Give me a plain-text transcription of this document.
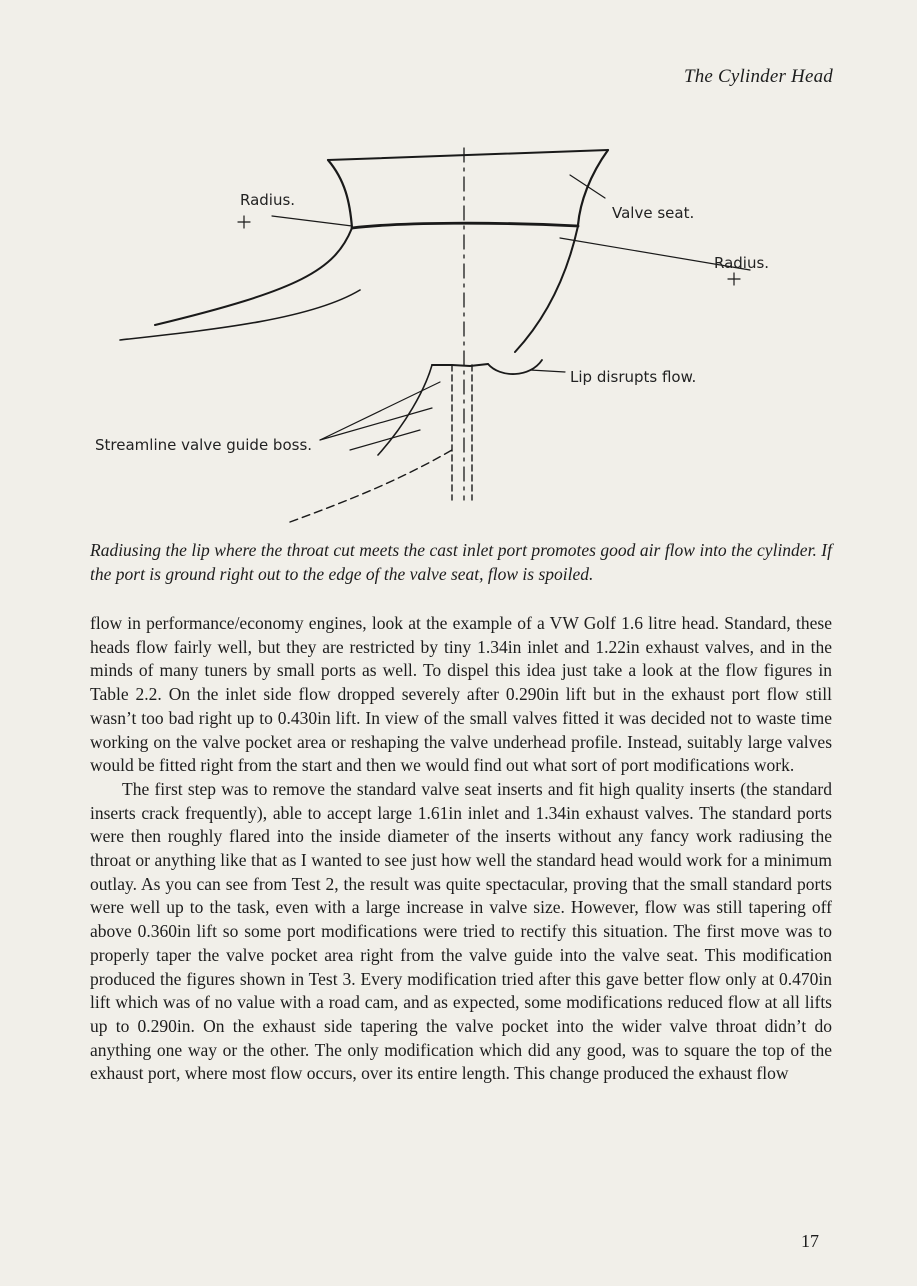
The Cylinder Head
Radius.
Valve seat.
Radius.
Lip disrupts flow.
Streamline valve guide boss.
Radiusing the lip where the throat cut meets the cast inlet port promotes good air flow into the cylinder. If the port is ground right out to the edge of the valve seat, flow is spoiled.

flow in performance/economy engines, look at the example of a VW Golf 1.6 litre head. Standard, these heads flow fairly well, but they are restricted by tiny 1.34in inlet and 1.22in exhaust valves, and in the minds of many tuners by small ports as well. To dispel this idea just take a look at the flow figures in Table 2.2. On the inlet side flow dropped severely after 0.290in lift but in the exhaust port flow still wasn’t too bad right up to 0.430in lift. In view of the small valves fitted it was decided not to waste time working on the valve pocket area or reshaping the valve underhead profile. Instead, suitably large valves would be fitted right from the start and then we would find out what sort of port modifications work.

The first step was to remove the standard valve seat inserts and fit high quality inserts (the standard inserts crack frequently), able to accept large 1.61in inlet and 1.34in exhaust valves. The standard ports were then roughly flared into the inside diameter of the inserts without any fancy work radiusing the throat or anything like that as I wanted to see just how well the standard head would work for a minimum outlay. As you can see from Test 2, the result was quite spectacular, proving that the small standard ports were well up to the task, even with a large increase in valve size. However, flow was still tapering off above 0.360in lift so some port modifications were tried to rectify this situation. The first move was to properly taper the valve pocket area right from the valve guide into the valve seat. This modification produced the figures shown in Test 3. Every modification tried after this gave better flow only at 0.470in lift which was of no value with a road cam, and as expected, some modifications reduced flow at all lifts up to 0.290in. On the exhaust side tapering the valve pocket into the wider valve throat didn’t do anything one way or the other. The only modification which did any good, was to square the top of the exhaust port, where most flow occurs, over its entire length. This change produced the exhaust flow

17
